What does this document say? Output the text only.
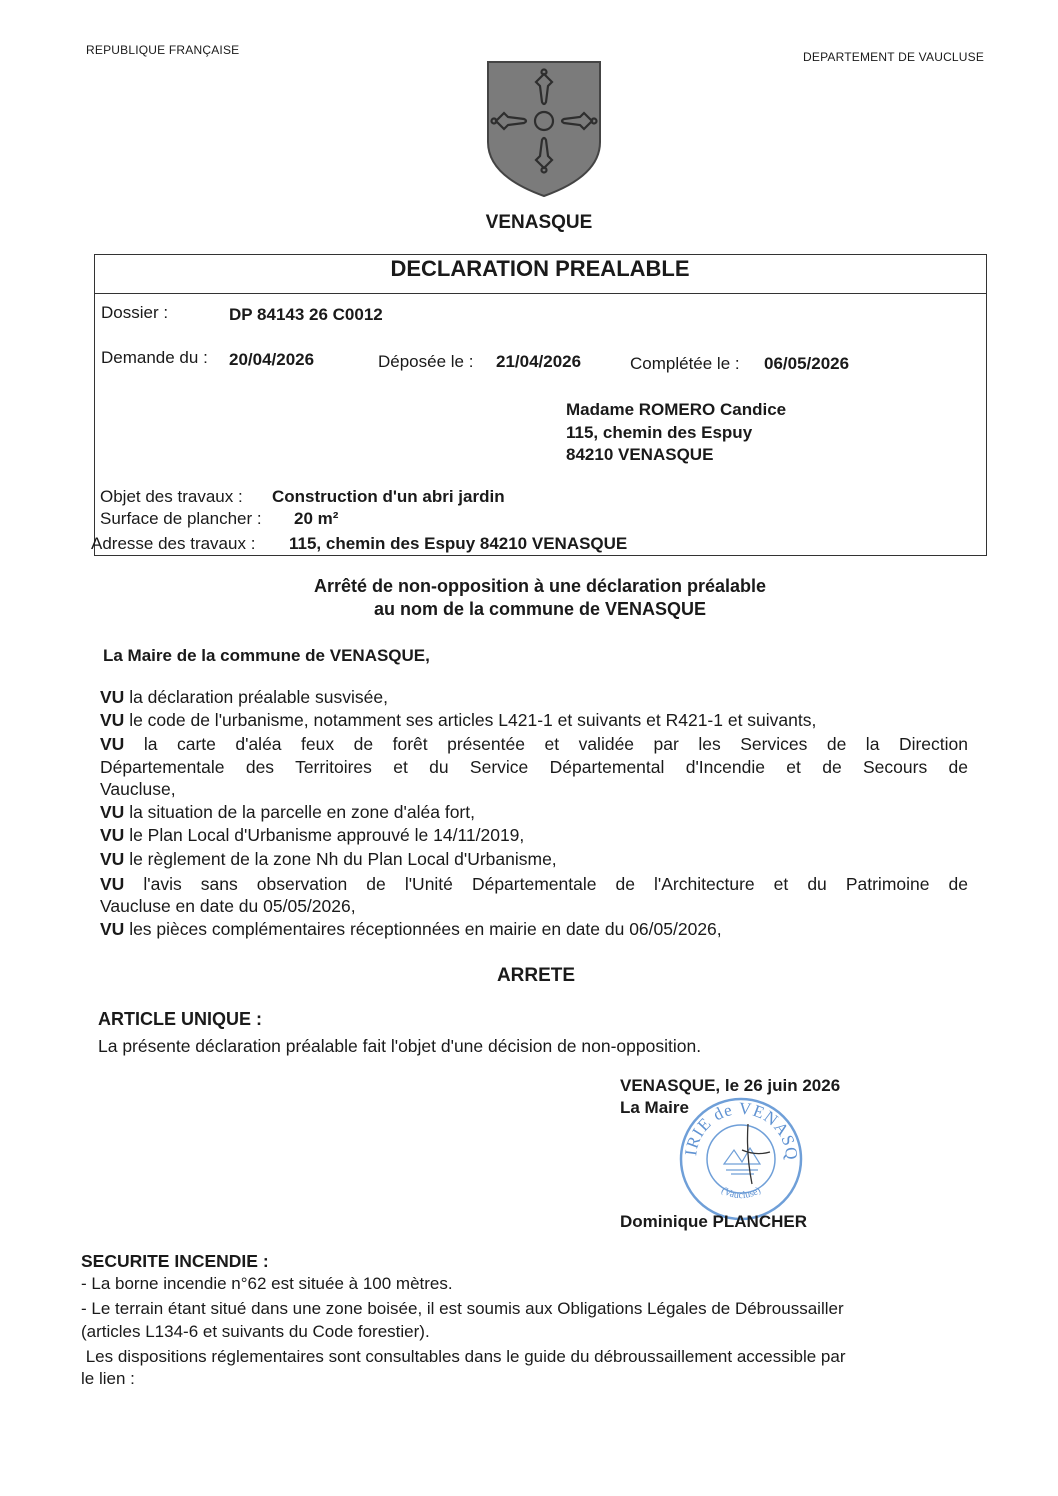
REPUBLIQUE FRANÇAISE	DEPARTEMENT DE VAUCLUSE
VENASQUE
DECLARATION PREALABLE
Dossier :	DP 84143 26 C0012
Demande du : 20/04/2026	Déposée le : 21/04/2026	Complétée le : 06/05/2026
Madame ROMERO Candice
115, chemin des Espuy
84210 VENASQUE
Objet des travaux : Construction d'un abri jardin
Surface de plancher : 20 m²
Adresse des travaux : 115, chemin des Espuy 84210 VENASQUE
Arrêté de non-opposition à une déclaration préalable
au nom de la commune de VENASQUE
La Maire de la commune de VENASQUE,
VU la déclaration préalable susvisée,
VU le code de l'urbanisme, notamment ses articles L421-1 et suivants et R421-1 et suivants,
VU la carte d'aléa feux de forêt présentée et validée par les Services de la Direction
Départementale des Territoires et du Service Départemental d'Incendie et de Secours de
Vaucluse,
VU la situation de la parcelle en zone d'aléa fort,
VU le Plan Local d'Urbanisme approuvé le 14/11/2019,
VU le règlement de la zone Nh du Plan Local d'Urbanisme,
VU l'avis sans observation de l'Unité Départementale de l'Architecture et du Patrimoine de
Vaucluse en date du 05/05/2026,
VU les pièces complémentaires réceptionnées en mairie en date du 06/05/2026,
ARRETE
ARTICLE UNIQUE :
La présente déclaration préalable fait l'objet d'une décision de non-opposition.
VENASQUE, le 26 juin 2026
La Maire
IRIE de VENASQ
(Vaucluse)
Dominique PLANCHER
SECURITE INCENDIE :
- La borne incendie n°62 est située à 100 mètres.
- Le terrain étant situé dans une zone boisée, il est soumis aux Obligations Légales de Débroussailler
(articles L134-6 et suivants du Code forestier).
Les dispositions réglementaires sont consultables dans le guide du débroussaillement accessible par
le lien :
